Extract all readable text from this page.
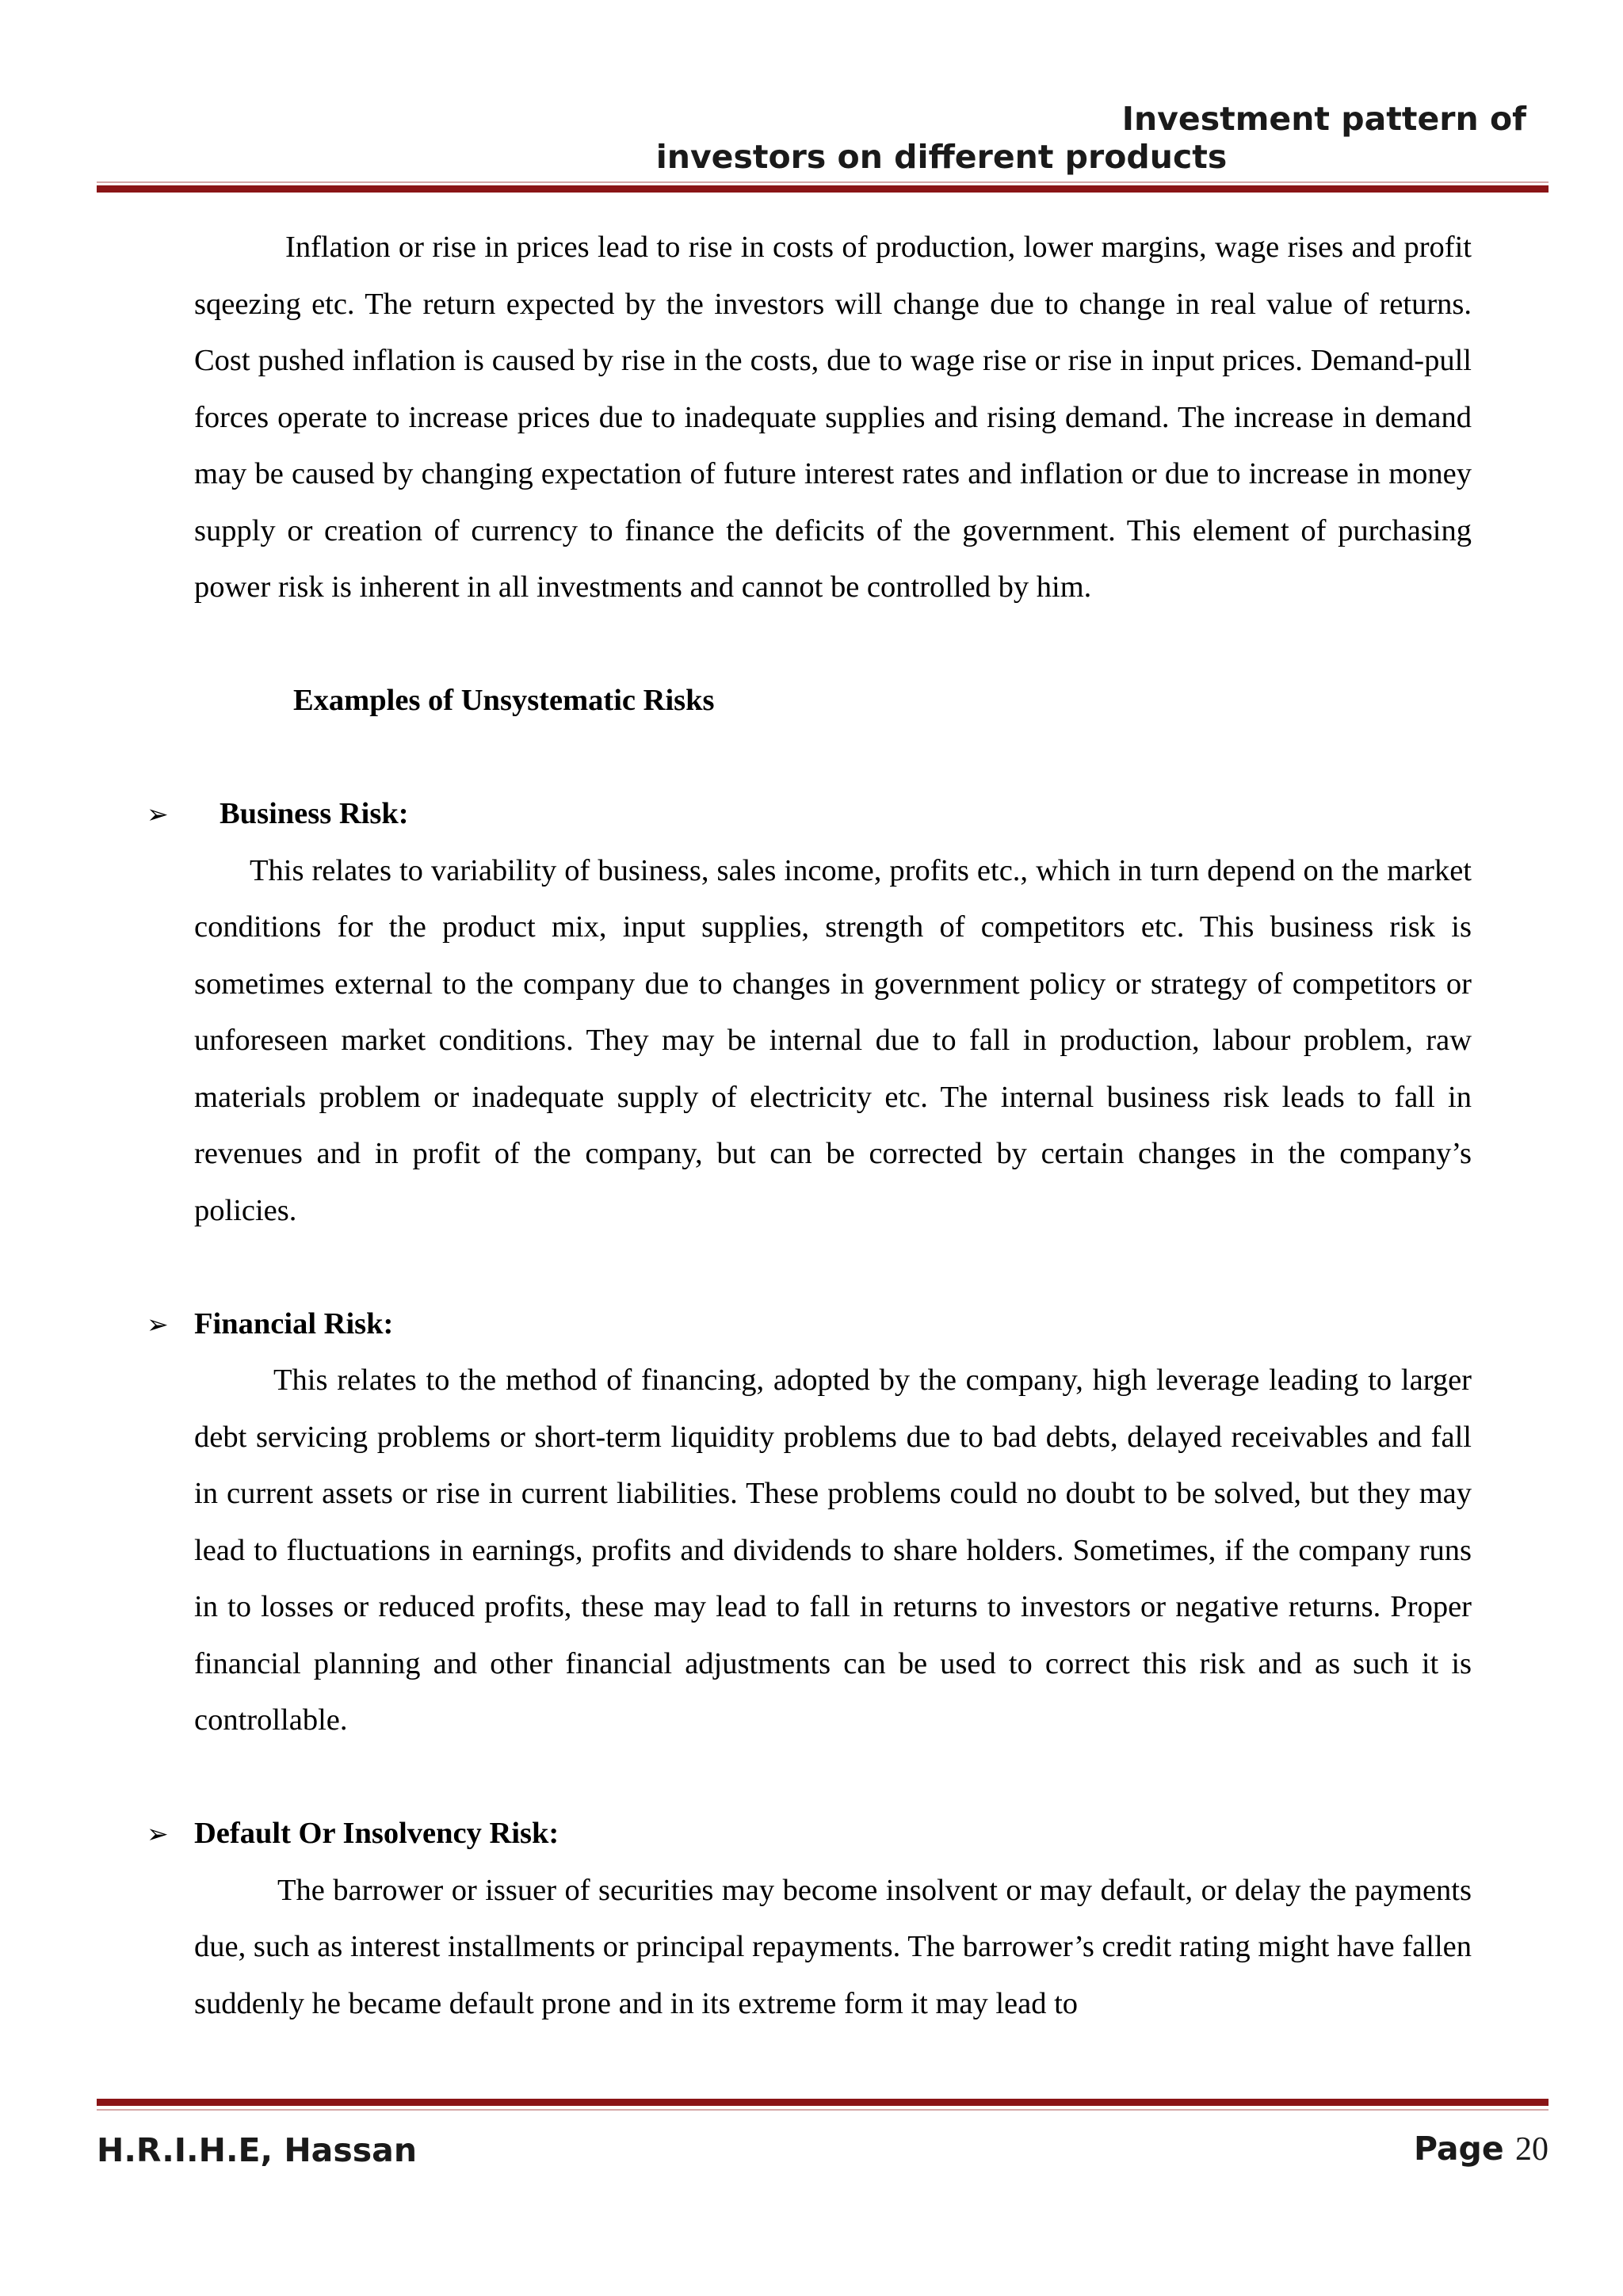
Investment pattern of
investors on different products

Inflation or rise in prices lead to rise in costs of production, lower margins, wage rises and profit sqeezing etc. The return expected by the investors will change due to change in real value of returns. Cost pushed inflation is caused by rise in the costs, due to wage rise or rise in input prices. Demand-pull forces operate to increase prices due to inadequate supplies and rising demand. The increase in demand may be caused by changing expectation of future interest rates and inflation or due to increase in money supply or creation of currency to finance the deficits of the government. This element of purchasing power risk is inherent in all investments and cannot be controlled by him.

Examples of Unsystematic Risks

➢ Business Risk:

This relates to variability of business, sales income, profits etc., which in turn depend on the market conditions for the product mix, input supplies, strength of competitors etc. This business risk is sometimes external to the company due to changes in government policy or strategy of competitors or unforeseen market conditions. They may be internal due to fall in production, labour problem, raw materials problem or inadequate supply of electricity etc. The internal business risk leads to fall in revenues and in profit of the company, but can be corrected by certain changes in the company’s policies.

➢ Financial Risk:

This relates to the method of financing, adopted by the company, high leverage leading to larger debt servicing problems or short-term liquidity problems due to bad debts, delayed receivables and fall in current assets or rise in current liabilities. These problems could no doubt to be solved, but they may lead to fluctuations in earnings, profits and dividends to share holders. Sometimes, if the company runs in to losses or reduced profits, these may lead to fall in returns to investors or negative returns. Proper financial planning and other financial adjustments can be used to correct this risk and as such it is controllable.

➢ Default Or Insolvency Risk:

The barrower or issuer of securities may become insolvent or may default, or delay the payments due, such as interest installments or principal repayments. The barrower’s credit rating might have fallen suddenly he became default prone and in its extreme form it may lead to

H.R.I.H.E, Hassan	Page 20
